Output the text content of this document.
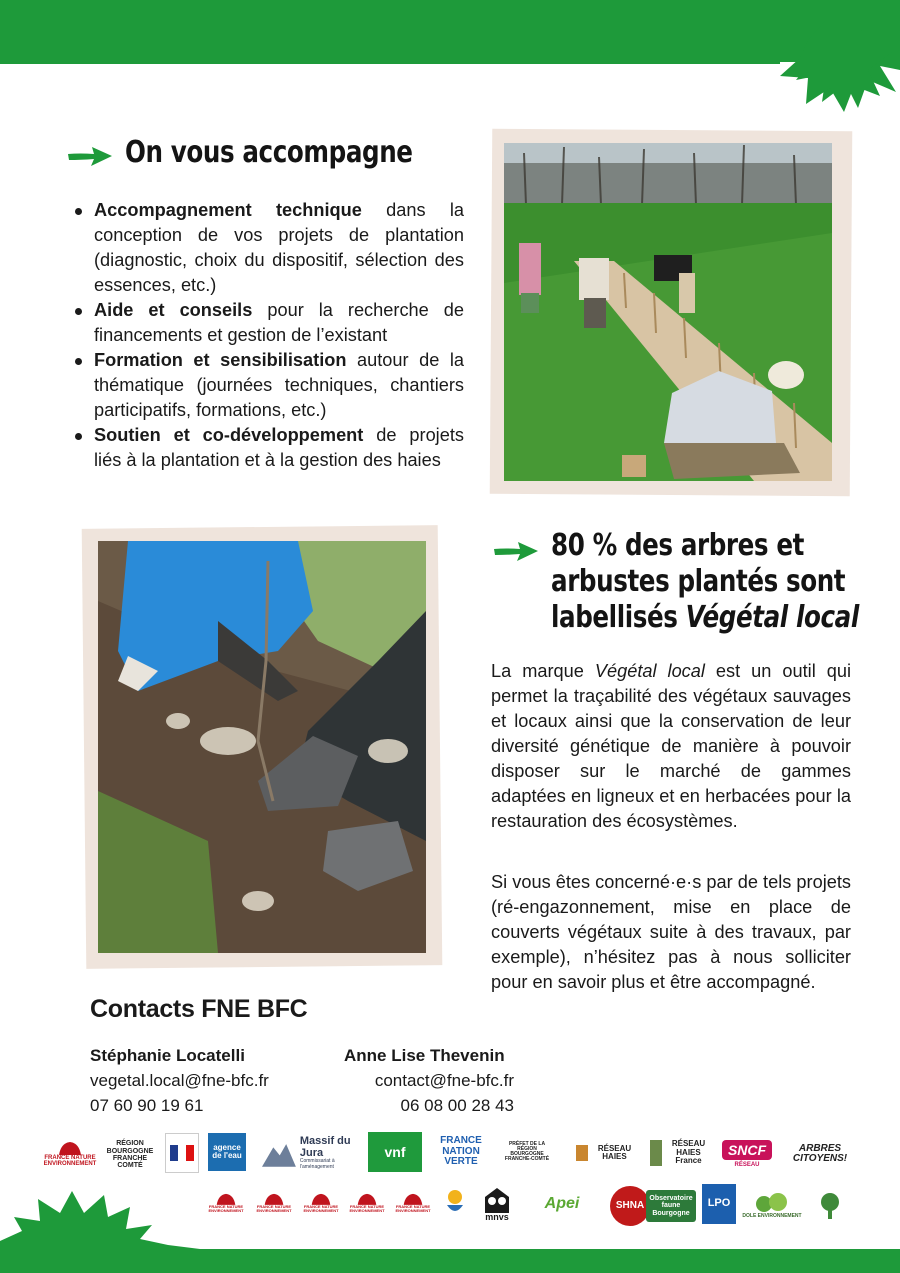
On vous accompagne
Accompagnement technique dans la conception de vos projets de plantation (diagnostic, choix du dispositif, sélection des essences, etc.)
Aide et conseils pour la recherche de financements et gestion de l’existant
Formation et sensibilisation autour de la thématique (journées techniques, chantiers participatifs, formations, etc.)
Soutien et co-développement de projets liés à la plantation et à la gestion des haies
80 % des arbres et
arbustes plantés sont
labellisés Végétal local

La marque Végétal local est un outil qui permet la traçabilité des végétaux sauvages et locaux ainsi que la conservation de leur diversité génétique de manière à pouvoir disposer sur le marché de gammes adaptées en ligneux et en herbacées pour la restauration des écosystèmes.

Si vous êtes concerné·e·s par de tels projets (ré-engazonnement, mise en place de couverts végétaux suite à des travaux, par exemple), n’hésitez pas à nous solliciter pour en savoir plus et être accompagné.

Contacts FNE BFC
Stéphanie Locatelli
vegetal.local@fne-bfc.fr
07 60 90 19 61
Anne Lise Thevenin
contact@fne-bfc.fr
06 08 00 28 43
FRANCE NATURE ENVIRONNEMENT
RÉGION BOURGOGNE FRANCHE COMTÉ
agence de l'eau
Massif du Jura
Commissariat à l'aménagement
vnf
FRANCE NATION VERTE
PRÉFET DE LA RÉGION BOURGOGNE FRANCHE-COMTÉ
RÉSEAU HAIES
RÉSEAU HAIES France
SNCF
RÉSEAU
ARBRES CITOYENS!
FRANCE NATURE ENVIRONNEMENT
FRANCE NATURE ENVIRONNEMENT
FRANCE NATURE ENVIRONNEMENT
FRANCE NATURE ENVIRONNEMENT
FRANCE NATURE ENVIRONNEMENT
mnvs
Apei	SHNA
Observatoire faune Bourgogne
LPO
DOLE ENVIRONNEMENT
